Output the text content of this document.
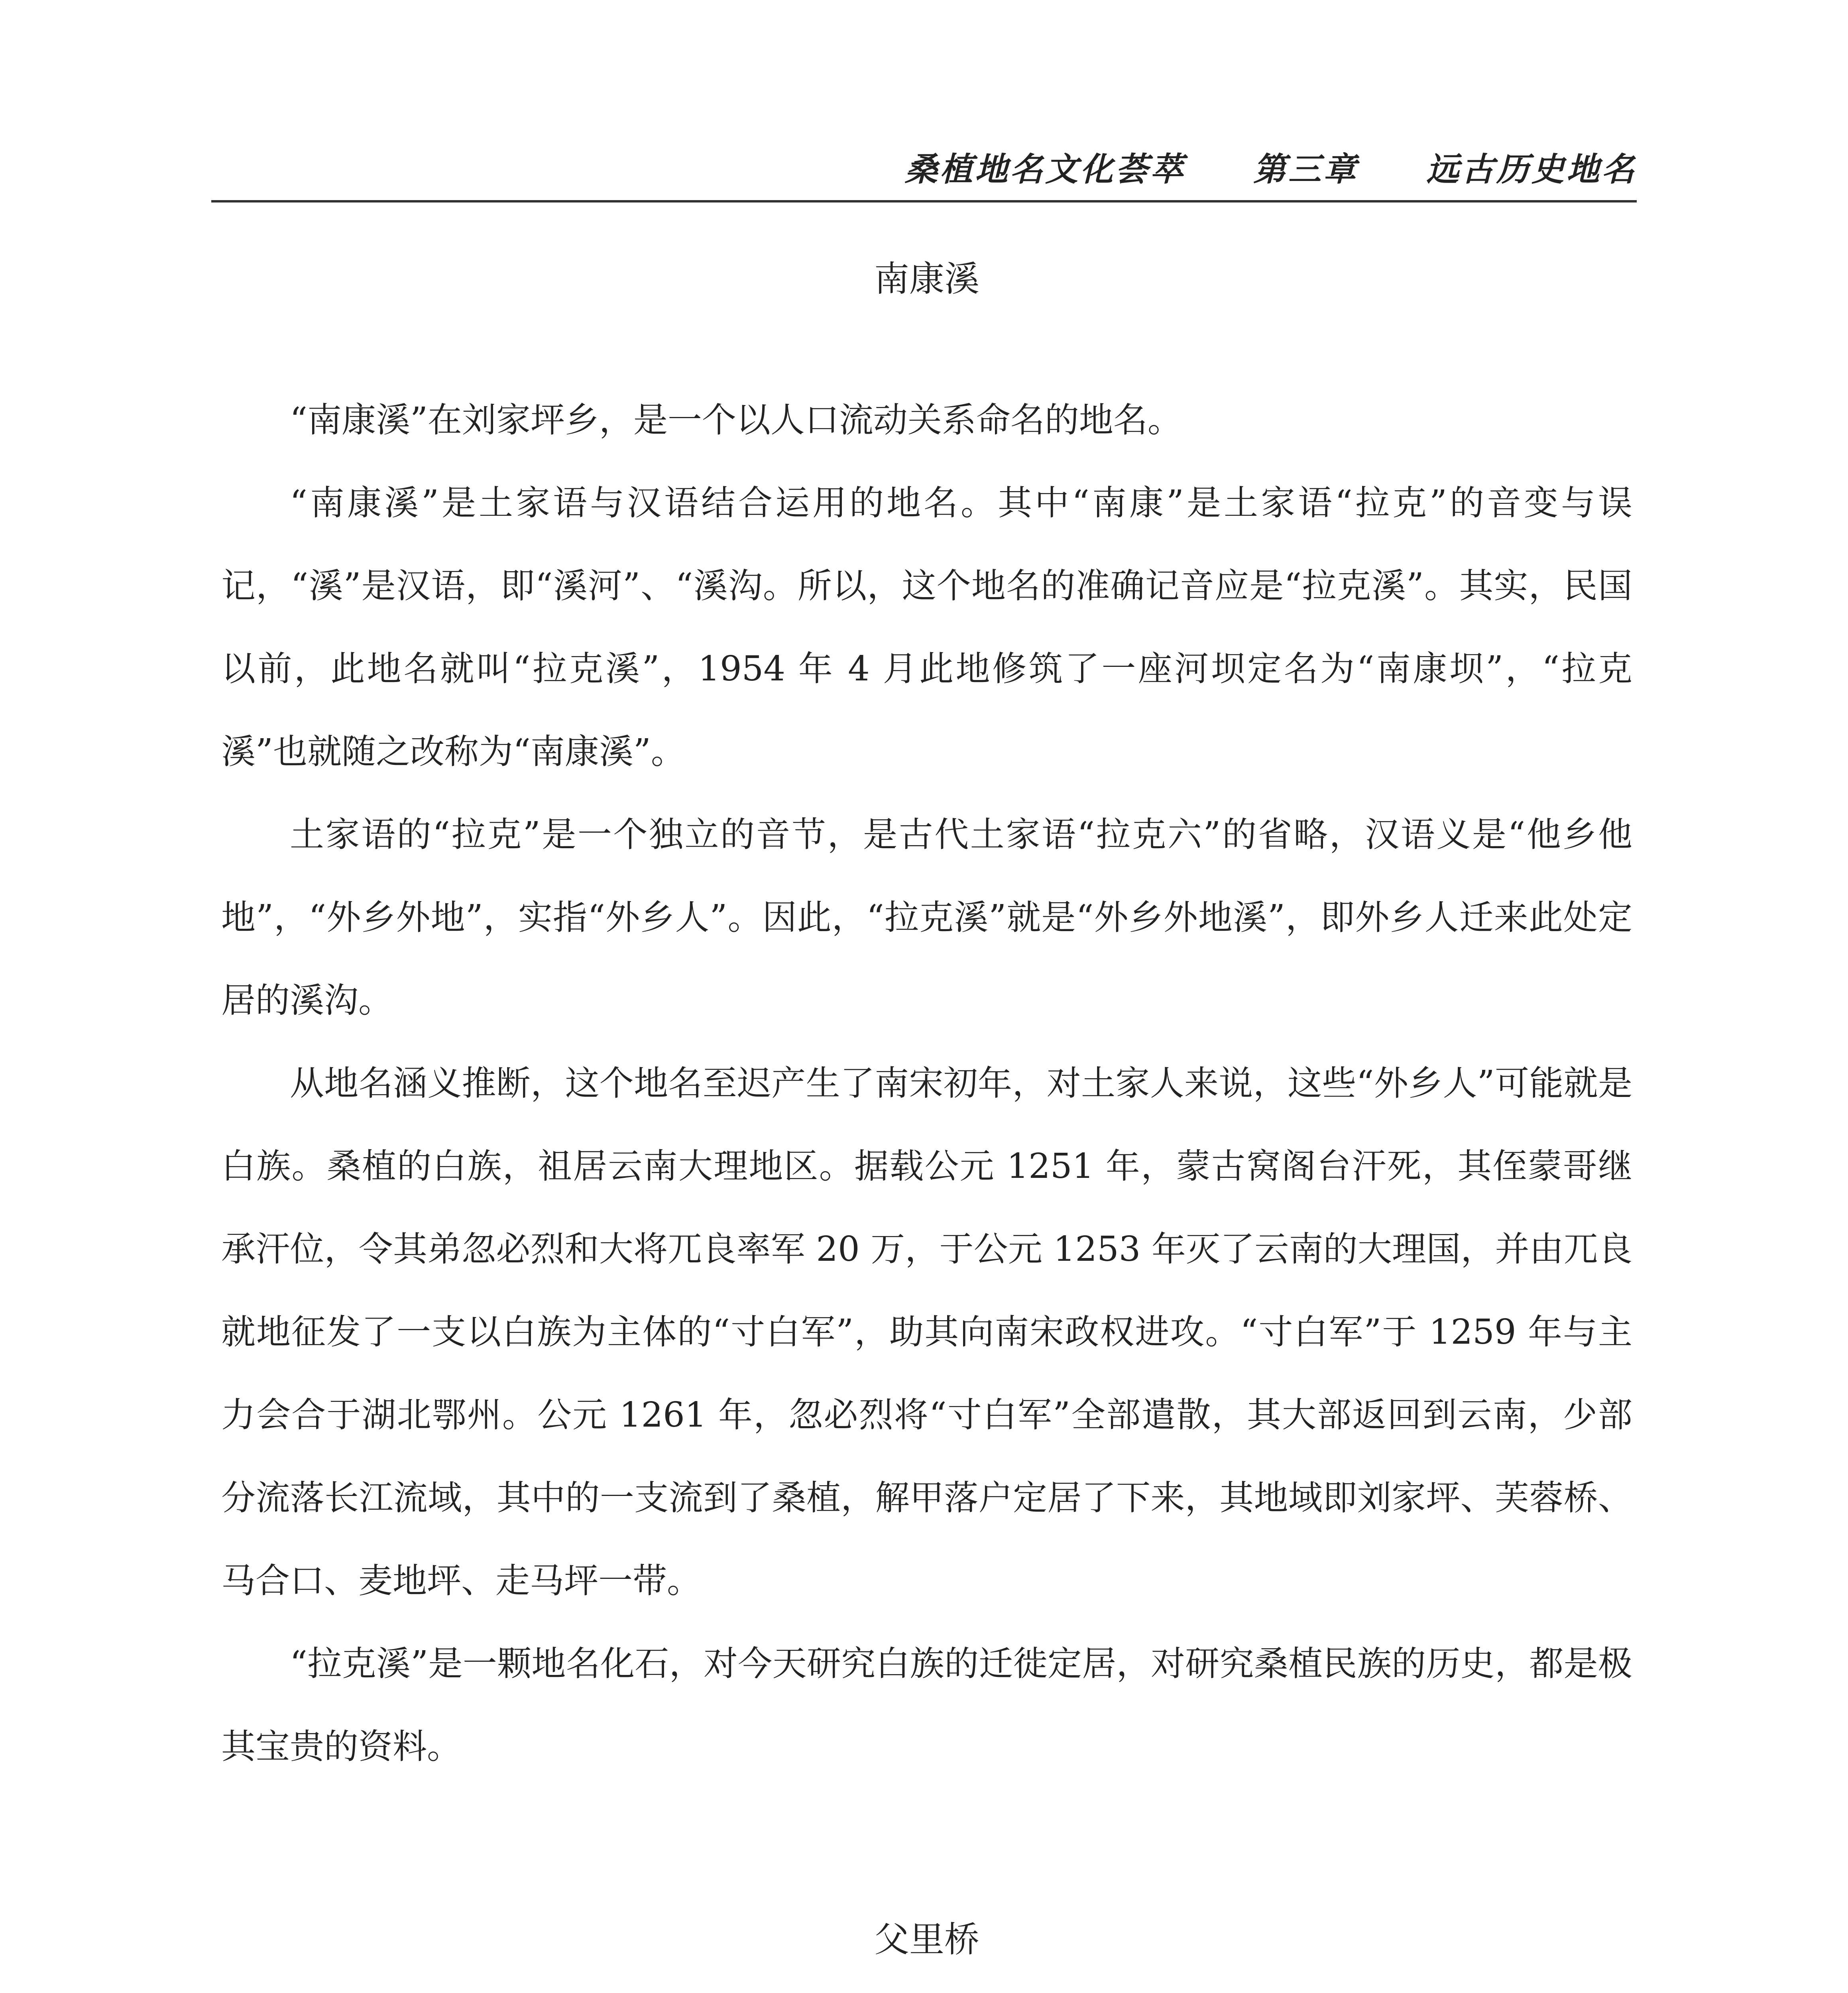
桑植地名文化荟萃 第三章 远古历史地名
南康溪

“南康溪”在刘家坪乡，是一个以人口流动关系命名的地名。

“南康溪”是土家语与汉语结合运用的地名。其中“南康”是土家语“拉克”的音变与误记，“溪”是汉语，即“溪河”、“溪沟。所以，这个地名的准确记音应是“拉克溪”。其实，民国以前，此地名就叫“拉克溪”，1954 年 4 月此地修筑了一座河坝定名为“南康坝”，“拉克溪”也就随之改称为“南康溪”。

土家语的“拉克”是一个独立的音节，是古代土家语“拉克六”的省略，汉语义是“他乡他地”，“外乡外地”，实指“外乡人”。因此，“拉克溪”就是“外乡外地溪”，即外乡人迁来此处定居的溪沟。

从地名涵义推断，这个地名至迟产生了南宋初年，对土家人来说，这些“外乡人”可能就是白族。桑植的白族，祖居云南大理地区。据载公元 1251 年，蒙古窝阁台汗死，其侄蒙哥继承汗位，令其弟忽必烈和大将兀良率军 20 万，于公元 1253 年灭了云南的大理国，并由兀良就地征发了一支以白族为主体的“寸白军”，助其向南宋政权进攻。“寸白军”于 1259 年与主力会合于湖北鄂州。公元 1261 年，忽必烈将“寸白军”全部遣散，其大部返回到云南，少部分流落长江流域，其中的一支流到了桑植，解甲落户定居了下来，其地域即刘家坪、芙蓉桥、马合口、麦地坪、走马坪一带。

“拉克溪”是一颗地名化石，对今天研究白族的迁徙定居，对研究桑植民族的历史，都是极其宝贵的资料。

父里桥
